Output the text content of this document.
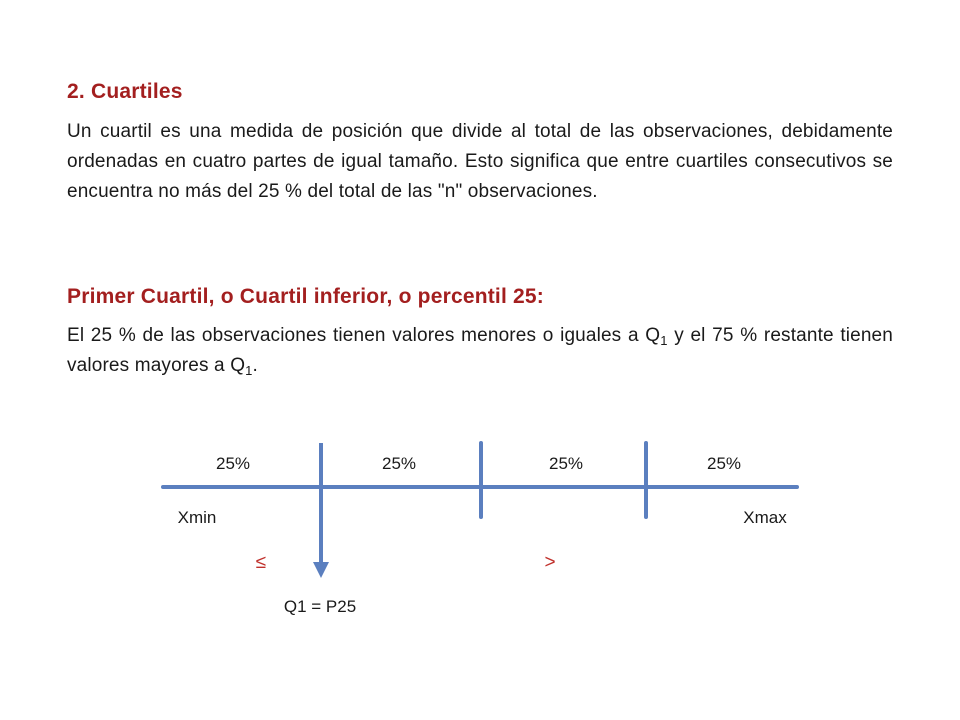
2. Cuartiles

Un cuartil es una medida de posición que divide al total de las observaciones, debidamente ordenadas en cuatro partes de igual tamaño. Esto significa que entre cuartiles consecutivos se encuentra no más del 25 % del total de las "n" observaciones.

Primer Cuartil, o Cuartil inferior, o percentil 25:

El 25 % de las observaciones tienen valores menores o iguales a $Q_1$ y el 75 % restante tienen valores mayores a $Q_1$.

25%	25%	25%	25%
Xmin	Xmax
≤	>
Q1 = P25
